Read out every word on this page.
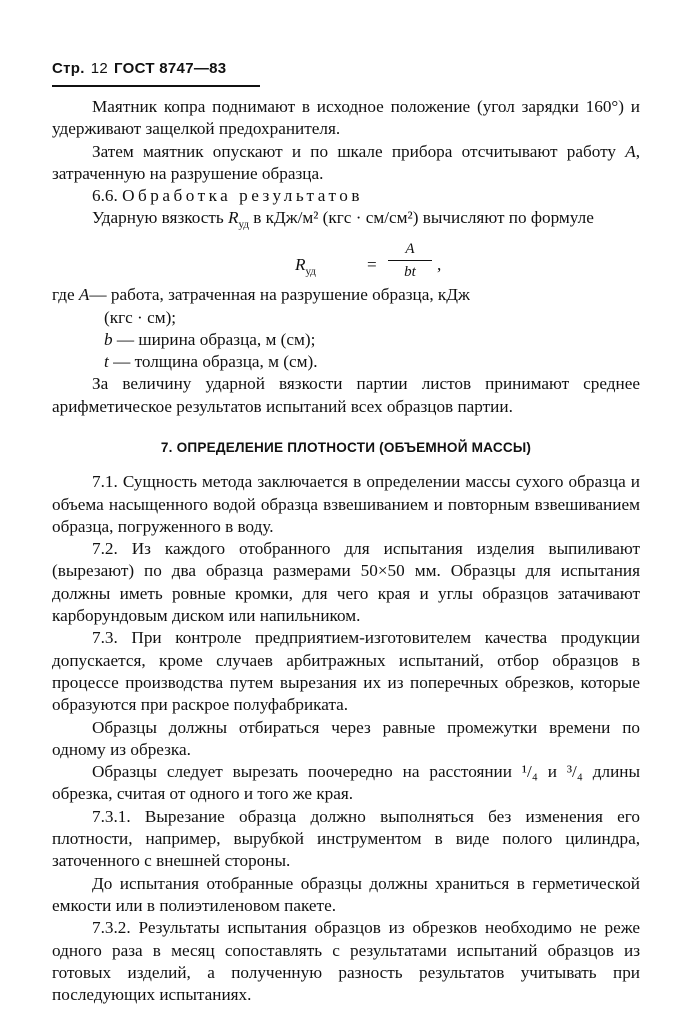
Стр. 12 ГОСТ 8747—83

Маятник копра поднимают в исходное положение (угол зарядки 160°) и удерживают защелкой предохранителя.

Затем маятник опускают и по шкале прибора отсчитывают работу А, затраченную на разрушение образца.

6.6. Обработка результатов

Ударную вязкость $R_{уд}$ в кДж/м² (кгс · см/см²) вычисляют по формуле

$R_{уд}$	=
A
bt	,

где A— работа, затраченная на разрушение образца, кДж

(кгс · см);

b — ширина образца, м (см);

t — толщина образца, м (см).

За величину ударной вязкости партии листов принимают среднее арифметическое результатов испытаний всех образцов партии.

7. ОПРЕДЕЛЕНИЕ ПЛОТНОСТИ (ОБЪЕМНОЙ МАССЫ)

7.1. Сущность метода заключается в определении массы сухого образца и объема насыщенного водой образца взвешиванием и повторным взвешиванием образца, погруженного в воду.

7.2. Из каждого отобранного для испытания изделия выпиливают (вырезают) по два образца размерами 50×50 мм. Образцы для испытания должны иметь ровные кромки, для чего края и углы образцов затачивают карборундовым диском или напильником.

7.3. При контроле предприятием-изготовителем качества продукции допускается, кроме случаев арбитражных испытаний, отбор образцов в процессе производства путем вырезания их из поперечных обрезков, которые образуются при раскрое полуфабриката.

Образцы должны отбираться через равные промежутки времени по одному из обрезка.

Образцы следует вырезать поочередно на расстоянии ¹/₄ и ³/₄ длины обрезка, считая от одного и того же края.

7.3.1. Вырезание образца должно выполняться без изменения его плотности, например, вырубкой инструментом в виде полого цилиндра, заточенного с внешней стороны.

До испытания отобранные образцы должны храниться в герметической емкости или в полиэтиленовом пакете.

7.3.2. Результаты испытания образцов из обрезков необходимо не реже одного раза в месяц сопоставлять с результатами испытаний образцов из готовых изделий, а полученную разность результатов учитывать при последующих испытаниях.
